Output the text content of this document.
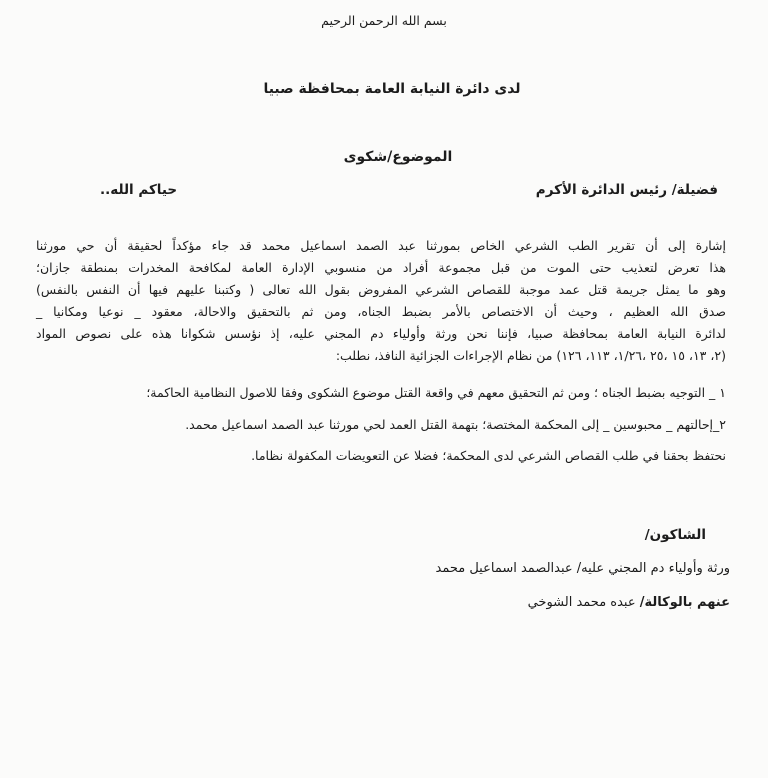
بسم الله الرحمن الرحيم
لدى دائرة النيابة العامة بمحافظة صبيا
الموضوع/شكوى
فضيلة/ رئيس الدائرة الأكرم
حياكم الله..
إشارة إلى أن تقرير الطب الشرعي الخاص بمورثنا عبد الصمد اسماعيل محمد قد جاء مؤكداً لحقيقة أن حي مورثنا
هذا تعرض لتعذيب حتى الموت من قبل مجموعة أفراد من منسوبي الإدارة العامة لمكافحة المخدرات بمنطقة جازان؛
وهو ما يمثل جريمة قتل عمد موجبة للقصاص الشرعي المفروض بقول الله تعالى ( وكتبنا عليهم فيها أن النفس بالنفس)
صدق الله العظيم ، وحيث أن الاختصاص بالأمر بضبط الجناه، ومن ثم بالتحقيق والاحالة، معقود _ نوعيا ومكانيا _
لدائرة النيابة العامة بمحافظة صبيا، فإننا نحن ورثة وأولياء دم المجني عليه، إذ نؤسس شكوانا هذه على نصوص المواد
(٢، ١٣، ١٥ ،٢٥ ،١/٢٦، ١١٣، ١٢٦) من نظام الإجراءات الجزائية النافذ، نطلب:
١ _ التوجيه بضبط الجناه ؛ ومن ثم التحقيق معهم في واقعة القتل موضوع الشكوى وفقا للاصول النظامية الحاكمة؛
٢_إحالتهم _ محبوسين _ إلى المحكمة المختصة؛ بتهمة القتل العمد لحي مورثنا عبد الصمد اسماعيل محمد.
نحتفظ بحقنا في طلب القصاص الشرعي لدى المحكمة؛ فضلا عن التعويضات المكفولة نظاما.
الشاكون/
ورثة وأولياء دم المجني عليه/ عبدالصمد اسماعيل محمد
عنهم بالوكالة/ عبده محمد الشوخي
